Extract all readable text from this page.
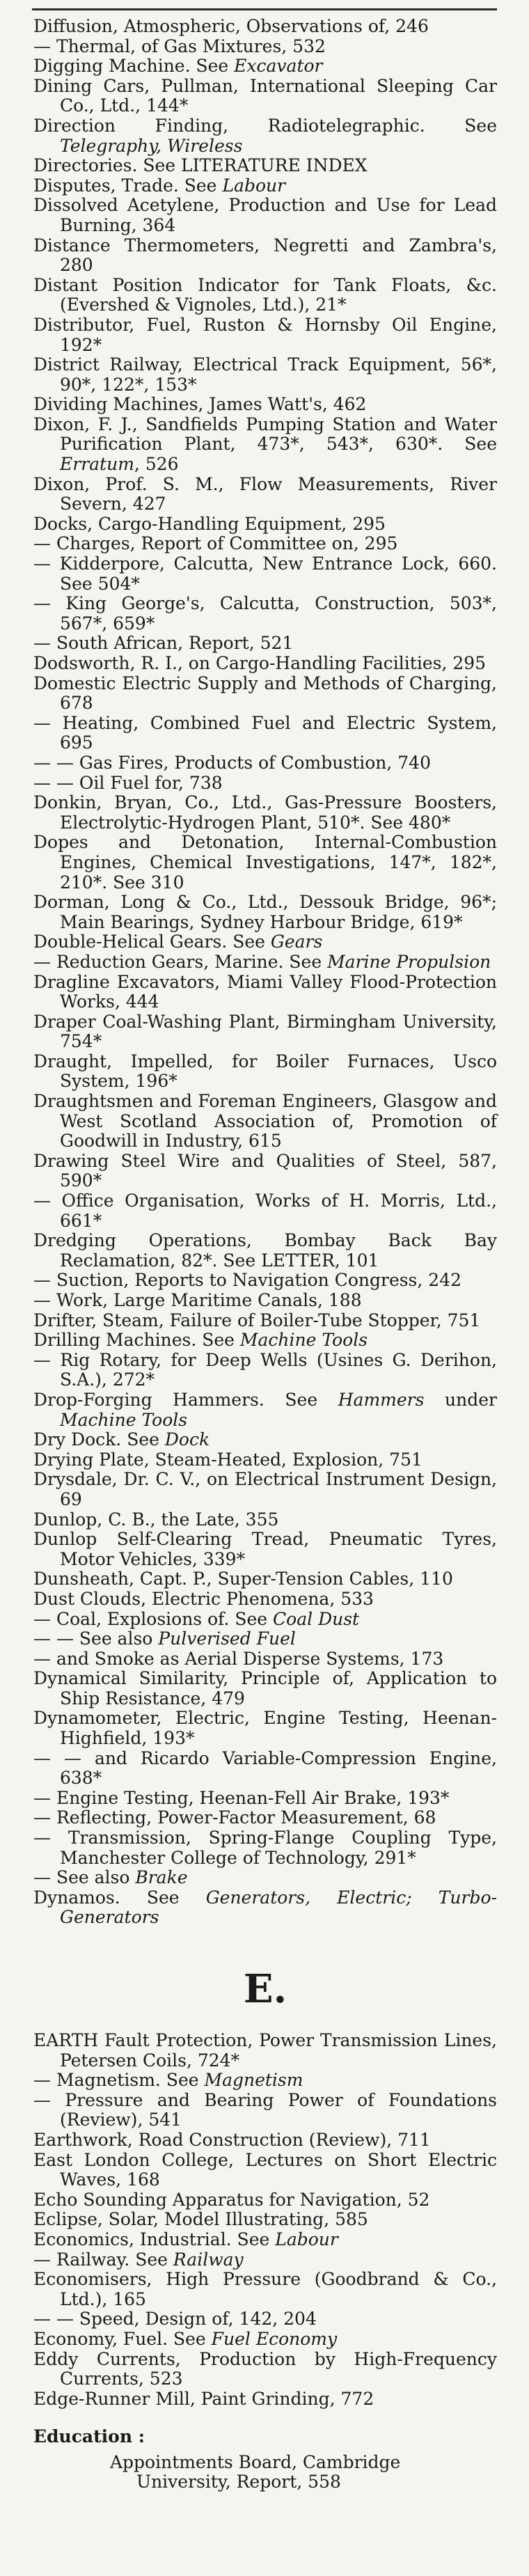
Diffusion, Atmospheric, Observations of, 246
— Thermal, of Gas Mixtures, 532
Digging Machine. See Excavator
Dining Cars, Pullman, International Sleeping Car Co., Ltd., 144*
Direction Finding, Radiotelegraphic. See Telegraphy, Wireless
Directories. See LITERATURE INDEX
Disputes, Trade. See Labour
Dissolved Acetylene, Production and Use for Lead Burning, 364
Distance Thermometers, Negretti and Zambra's, 280
Distant Position Indicator for Tank Floats, &c. (Evershed & Vignoles, Ltd.), 21*
Distributor, Fuel, Ruston & Hornsby Oil Engine, 192*
District Railway, Electrical Track Equipment, 56*, 90*, 122*, 153*
Dividing Machines, James Watt's, 462
Dixon, F. J., Sandfields Pumping Station and Water Purification Plant, 473*, 543*, 630*. See Erratum, 526
Dixon, Prof. S. M., Flow Measurements, River Severn, 427
Docks, Cargo-Handling Equipment, 295
— Charges, Report of Committee on, 295
— Kidderpore, Calcutta, New Entrance Lock, 660. See 504*
— King George's, Calcutta, Construction, 503*, 567*, 659*
— South African, Report, 521
Dodsworth, R. I., on Cargo-Handling Facilities, 295
Domestic Electric Supply and Methods of Charging, 678
— Heating, Combined Fuel and Electric System, 695
— — Gas Fires, Products of Combustion, 740
— — Oil Fuel for, 738
Donkin, Bryan, Co., Ltd., Gas-Pressure Boosters, Electrolytic-Hydrogen Plant, 510*. See 480*
Dopes and Detonation, Internal-Combustion Engines, Chemical Investigations, 147*, 182*, 210*. See 310
Dorman, Long & Co., Ltd., Dessouk Bridge, 96*; Main Bearings, Sydney Harbour Bridge, 619*
Double-Helical Gears. See Gears
— Reduction Gears, Marine. See Marine Propulsion
Dragline Excavators, Miami Valley Flood-Protection Works, 444
Draper Coal-Washing Plant, Birmingham University, 754*
Draught, Impelled, for Boiler Furnaces, Usco System, 196*
Draughtsmen and Foreman Engineers, Glasgow and West Scotland Association of, Promotion of Goodwill in Industry, 615
Drawing Steel Wire and Qualities of Steel, 587, 590*
— Office Organisation, Works of H. Morris, Ltd., 661*
Dredging Operations, Bombay Back Bay Reclamation, 82*. See LETTER, 101
— Suction, Reports to Navigation Congress, 242
— Work, Large Maritime Canals, 188
Drifter, Steam, Failure of Boiler-Tube Stopper, 751
Drilling Machines. See Machine Tools
— Rig Rotary, for Deep Wells (Usines G. Derihon, S.A.), 272*
Drop-Forging Hammers. See Hammers under Machine Tools
Dry Dock. See Dock
Drying Plate, Steam-Heated, Explosion, 751
Drysdale, Dr. C. V., on Electrical Instrument Design, 69
Dunlop, C. B., the Late, 355
Dunlop Self-Clearing Tread, Pneumatic Tyres, Motor Vehicles, 339*
Dunsheath, Capt. P., Super-Tension Cables, 110
Dust Clouds, Electric Phenomena, 533
— Coal, Explosions of. See Coal Dust
— — See also Pulverised Fuel
— and Smoke as Aerial Disperse Systems, 173
Dynamical Similarity, Principle of, Application to Ship Resistance, 479
Dynamometer, Electric, Engine Testing, Heenan-Highfield, 193*
— — and Ricardo Variable-Compression Engine, 638*
— Engine Testing, Heenan-Fell Air Brake, 193*
— Reflecting, Power-Factor Measurement, 68
— Transmission, Spring-Flange Coupling Type, Manchester College of Technology, 291*
— See also Brake
Dynamos. See Generators, Electric; Turbo-Generators
E.
EARTH Fault Protection, Power Transmission Lines, Petersen Coils, 724*
— Magnetism. See Magnetism
— Pressure and Bearing Power of Foundations (Review), 541
Earthwork, Road Construction (Review), 711
East London College, Lectures on Short Electric Waves, 168
Echo Sounding Apparatus for Navigation, 52
Eclipse, Solar, Model Illustrating, 585
Economics, Industrial. See Labour
— Railway. See Railway
Economisers, High Pressure (Goodbrand & Co., Ltd.), 165
— — Speed, Design of, 142, 204
Economy, Fuel. See Fuel Economy
Eddy Currents, Production by High-Frequency Currents, 523
Edge-Runner Mill, Paint Grinding, 772
Education :
Appointments Board, Cambridge University, Report, 558
